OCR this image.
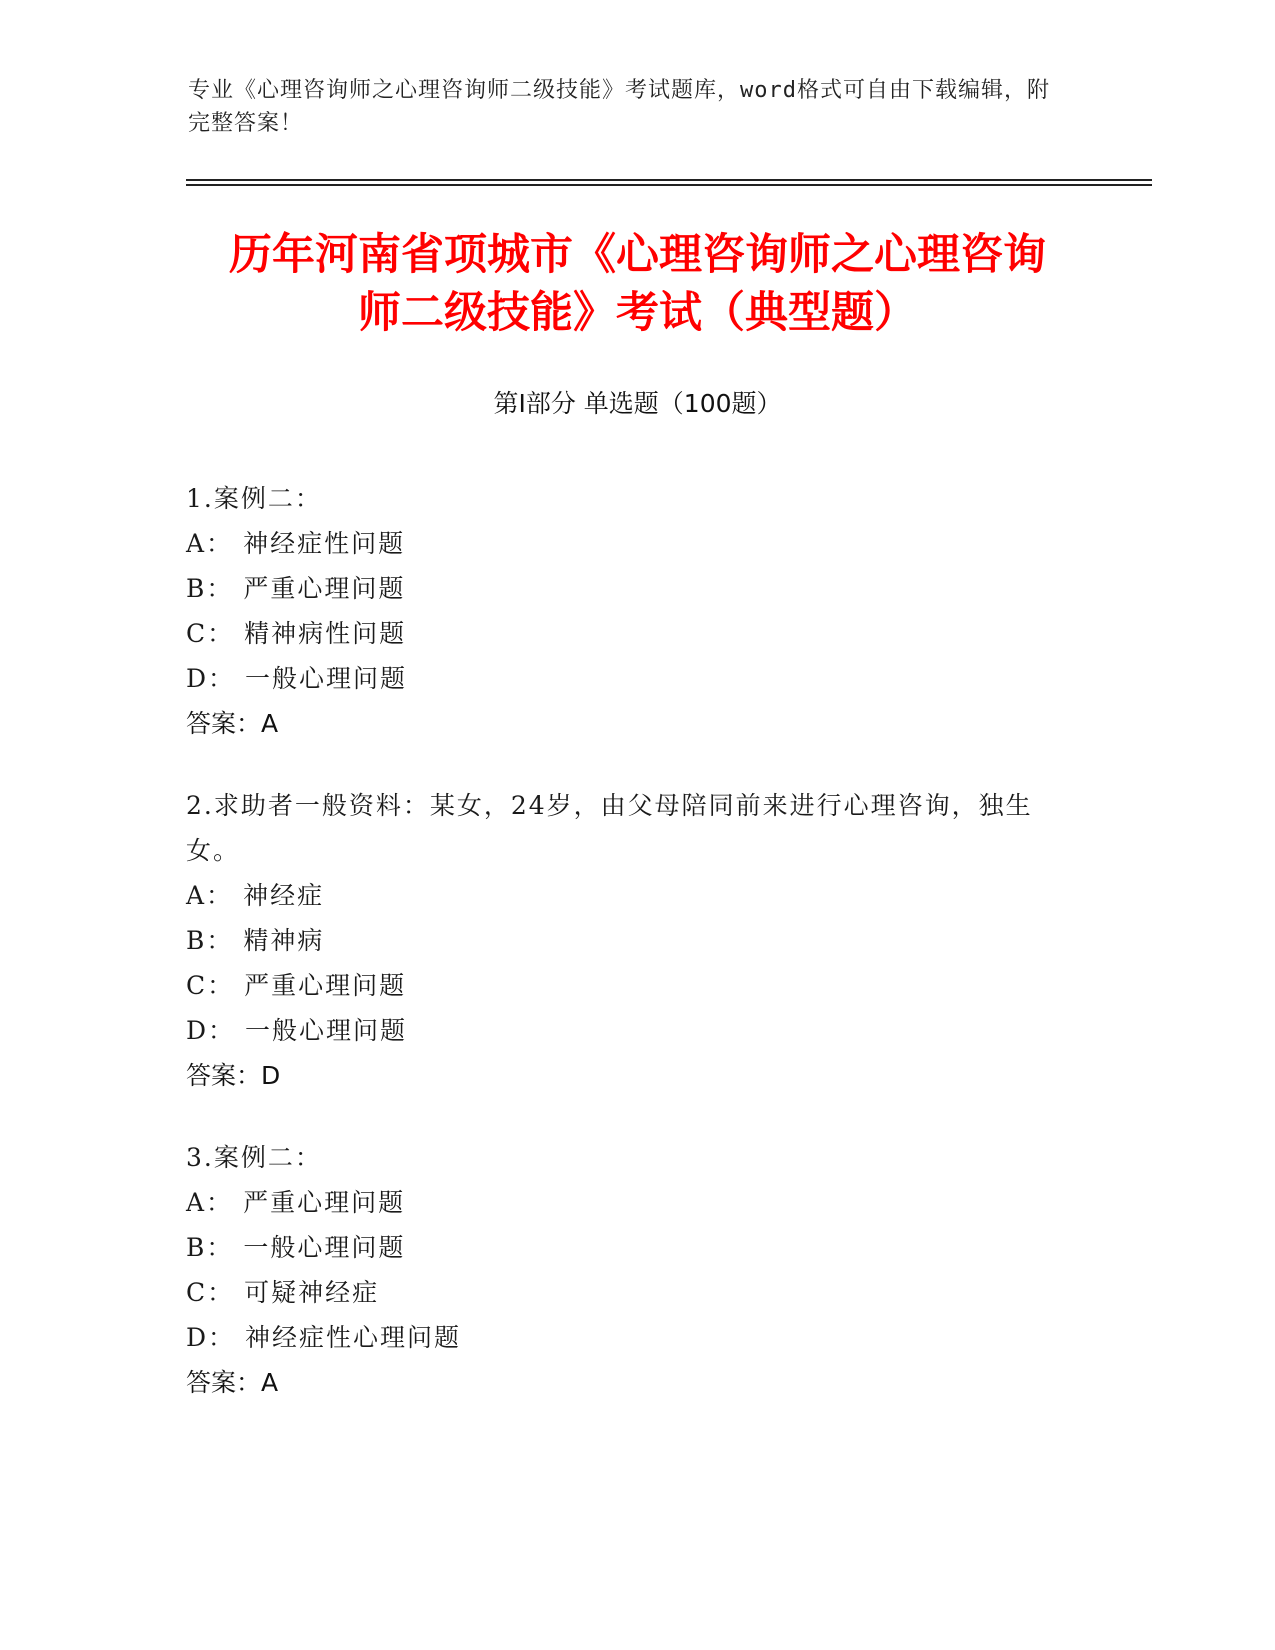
专业《心理咨询师之心理咨询师二级技能》考试题库，word格式可自由下载编辑，附完整答案！
历年河南省项城市《心理咨询师之心理咨询
师二级技能》考试（典型题）
第Ⅰ部分 单选题（100题）

1.案例二：

A： 神经症性问题

B： 严重心理问题

C： 精神病性问题

D： 一般心理问题

答案：A

2.求助者一般资料：某女，24岁，由父母陪同前来进行心理咨询，独生女。

A： 神经症

B： 精神病

C： 严重心理问题

D： 一般心理问题

答案：D

3.案例二：

A： 严重心理问题

B： 一般心理问题

C： 可疑神经症

D： 神经症性心理问题

答案：A
